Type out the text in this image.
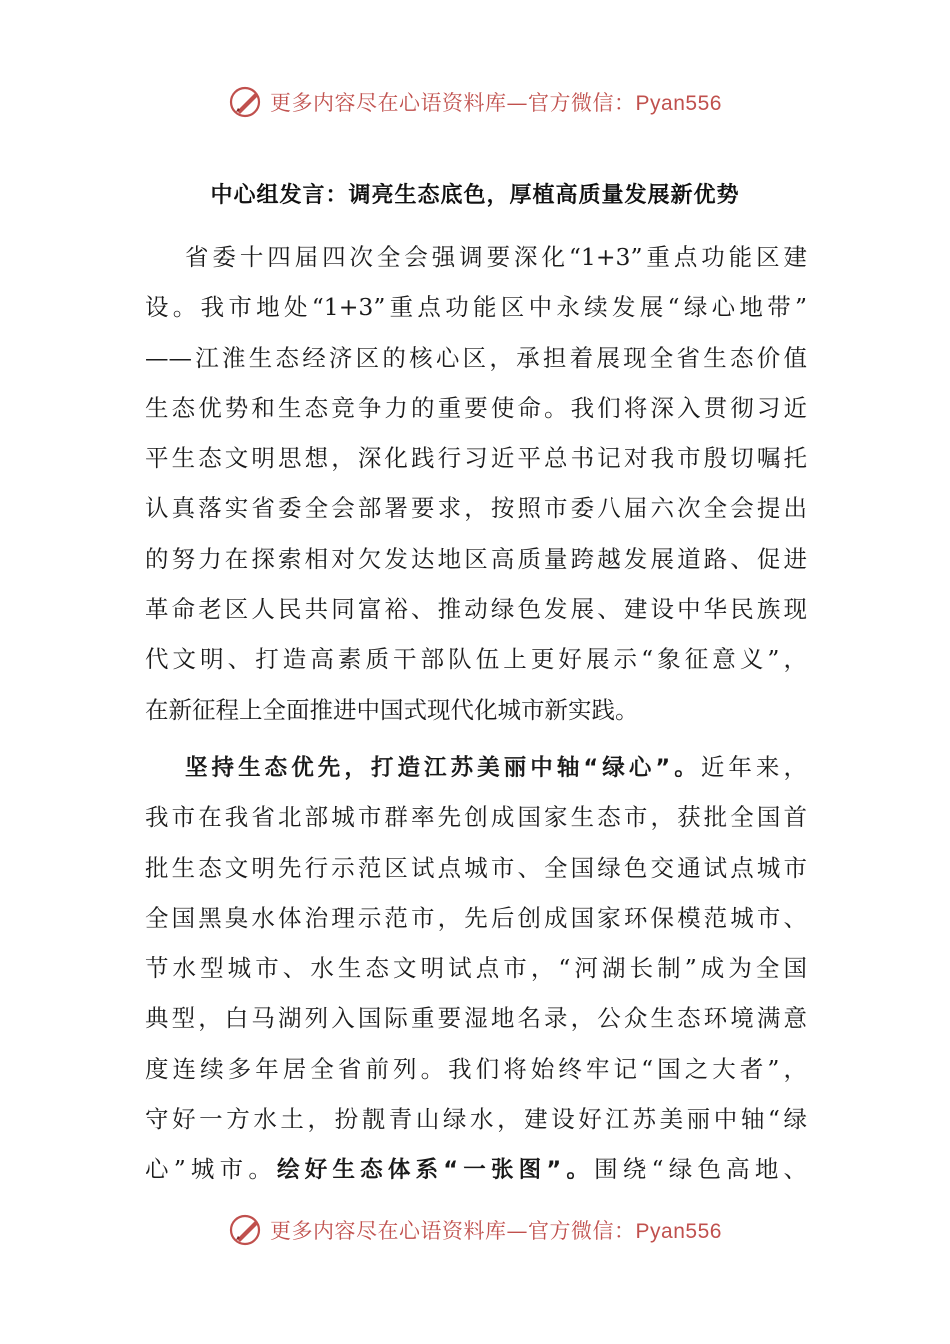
更多内容尽在心语资料库—官方微信：Pyan556
中心组发言：调亮生态底色，厚植高质量发展新优势
省委十四届四次全会强调要深化“1+3”重点功能区建
设。我市地处“1+3”重点功能区中永续发展“绿心地带”
——江淮生态经济区的核心区，承担着展现全省生态价值
生态优势和生态竞争力的重要使命。我们将深入贯彻习近
平生态文明思想，深化践行习近平总书记对我市殷切嘱托
认真落实省委全会部署要求，按照市委八届六次全会提出
的努力在探索相对欠发达地区高质量跨越发展道路、促进
革命老区人民共同富裕、推动绿色发展、建设中华民族现
代文明、打造高素质干部队伍上更好展示“象征意义”，
在新征程上全面推进中国式现代化城市新实践。
坚持生态优先，打造江苏美丽中轴“绿心”。近年来，
我市在我省北部城市群率先创成国家生态市，获批全国首
批生态文明先行示范区试点城市、全国绿色交通试点城市
全国黑臭水体治理示范市，先后创成国家环保模范城市、
节水型城市、水生态文明试点市，“河湖长制”成为全国
典型，白马湖列入国际重要湿地名录，公众生态环境满意
度连续多年居全省前列。我们将始终牢记“国之大者”，
守好一方水土，扮靓青山绿水，建设好江苏美丽中轴“绿
心”城市。绘好生态体系“一张图”。围绕“绿色高地、
更多内容尽在心语资料库—官方微信：Pyan556
